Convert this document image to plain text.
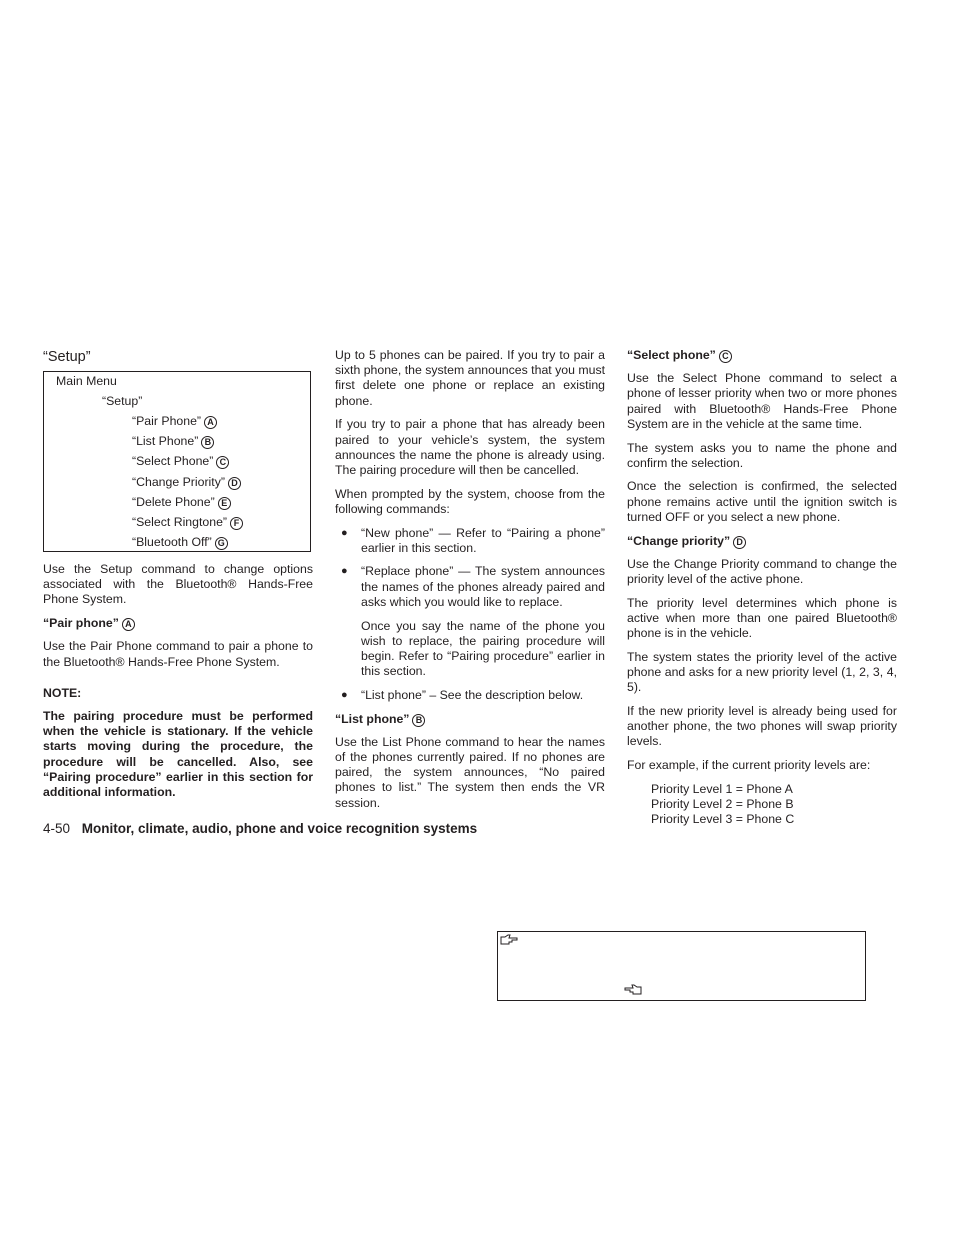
“Setup”
Main Menu
“Setup”
“Pair Phone” A
“List Phone” B
“Select Phone” C
“Change Priority” D
“Delete Phone” E
“Select Ringtone” F
“Bluetooth Off” G

Use the Setup command to change options associated with the Bluetooth® Hands-Free Phone System.

“Pair phone” A

Use the Pair Phone command to pair a phone to the Bluetooth® Hands-Free Phone System.

NOTE:

The pairing procedure must be performed when the vehicle is stationary. If the vehicle starts moving during the procedure, the procedure will be cancelled. Also, see “Pairing procedure” earlier in this section for additional information.

Up to 5 phones can be paired. If you try to pair a sixth phone, the system announces that you must first delete one phone or replace an existing phone.

If you try to pair a phone that has already been paired to your vehicle’s system, the system announces the name the phone is already using. The pairing procedure will then be cancelled.

When prompted by the system, choose from the following commands:

● “New phone” — Refer to “Pairing a phone” earlier in this section.
● “Replace phone” — The system announces the names of the phones already paired and asks which you would like to replace.

Once you say the name of the phone you wish to replace, the pairing procedure will begin. Refer to “Pairing procedure” earlier in this section.

● “List phone” – See the description below.

“List phone” B

Use the List Phone command to hear the names of the phones currently paired. If no phones are paired, the system announces, “No paired phones to list.” The system then ends the VR session.

“Select phone” C

Use the Select Phone command to select a phone of lesser priority when two or more phones paired with Bluetooth® Hands-Free Phone System are in the vehicle at the same time.

The system asks you to name the phone and confirm the selection.

Once the selection is confirmed, the selected phone remains active until the ignition switch is turned OFF or you select a new phone.

“Change priority” D

Use the Change Priority command to change the priority level of the active phone.

The priority level determines which phone is active when more than one paired Bluetooth® phone is in the vehicle.

The system states the priority level of the active phone and asks for a new priority level (1, 2, 3, 4, 5).

If the new priority level is already being used for another phone, the two phones will swap priority levels.

For example, if the current priority levels are:

Priority Level 1 = Phone A
Priority Level 2 = Phone B
Priority Level 3 = Phone C
4-50 Monitor, climate, audio, phone and voice recognition systems
